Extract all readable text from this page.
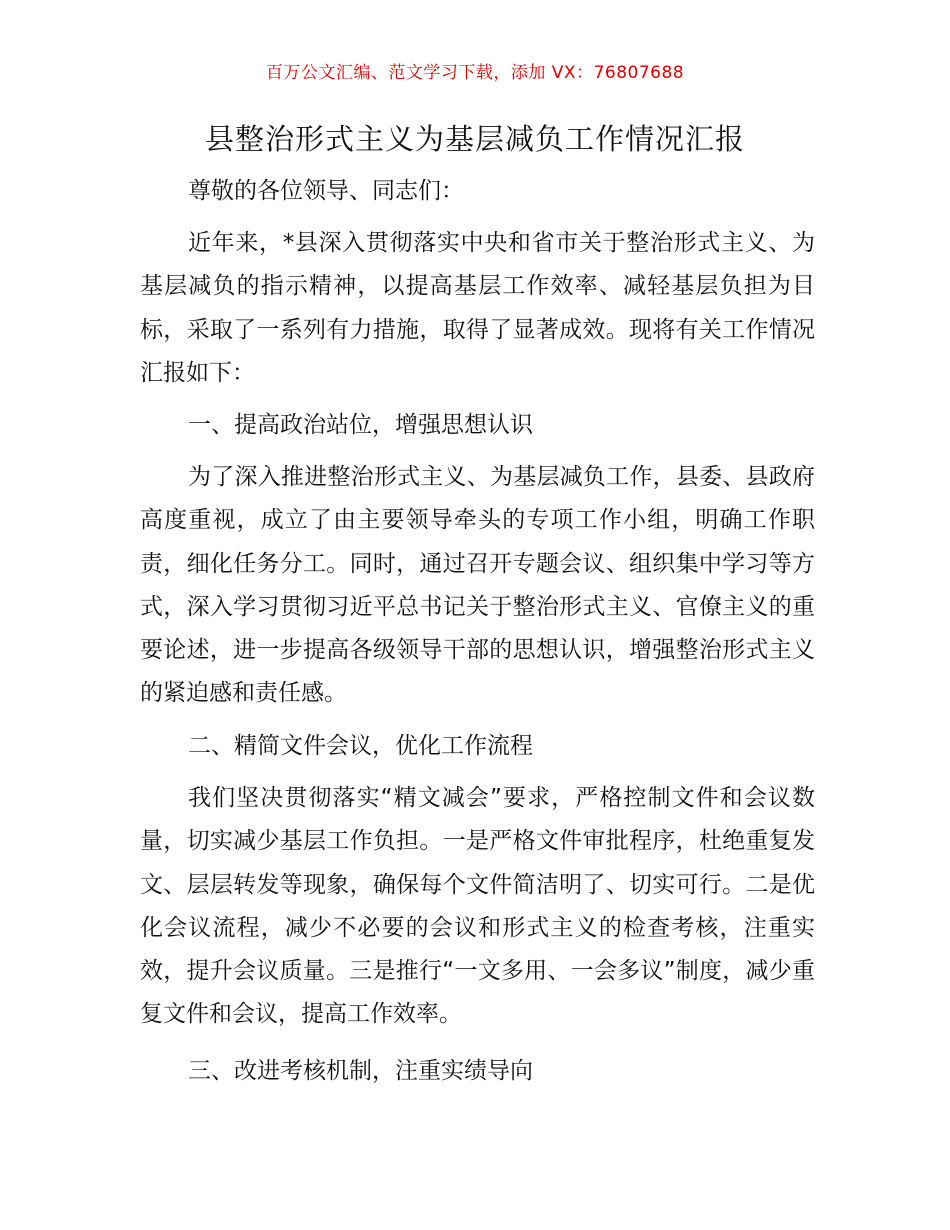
百万公文汇编、范文学习下载，添加 VX：76807688
县整治形式主义为基层减负工作情况汇报

尊敬的各位领导、同志们：

近年来，*县深入贯彻落实中央和省市关于整治形式主义、为基层减负的指示精神，以提高基层工作效率、减轻基层负担为目标，采取了一系列有力措施，取得了显著成效。现将有关工作情况汇报如下：

一、提高政治站位，增强思想认识

为了深入推进整治形式主义、为基层减负工作，县委、县政府高度重视，成立了由主要领导牵头的专项工作小组，明确工作职责，细化任务分工。同时，通过召开专题会议、组织集中学习等方式，深入学习贯彻习近平总书记关于整治形式主义、官僚主义的重要论述，进一步提高各级领导干部的思想认识，增强整治形式主义的紧迫感和责任感。

二、精简文件会议，优化工作流程

我们坚决贯彻落实“精文减会”要求，严格控制文件和会议数量，切实减少基层工作负担。一是严格文件审批程序，杜绝重复发文、层层转发等现象，确保每个文件简洁明了、切实可行。二是优化会议流程，减少不必要的会议和形式主义的检查考核，注重实效，提升会议质量。三是推行“一文多用、一会多议”制度，减少重复文件和会议，提高工作效率。

三、改进考核机制，注重实绩导向
